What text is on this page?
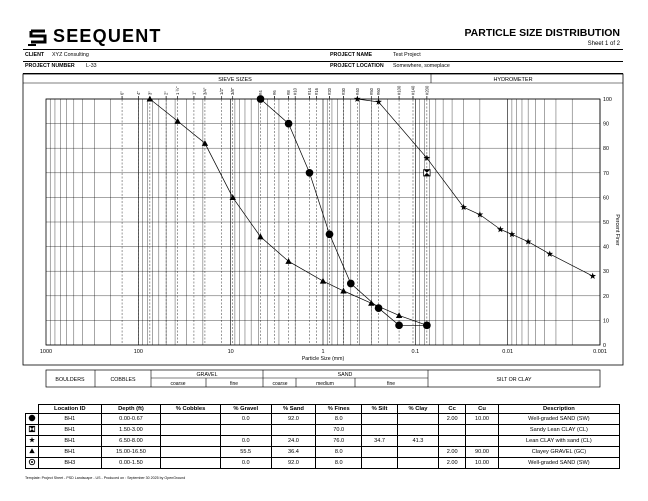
SEEQUENT	PARTICLE SIZE DISTRIBUTION
Sheet 1 of 2
CLIENT XYZ Consulting	PROJECT NAME	Test Project
PROJECT NUMBER L-33	PROJECT LOCATION Somewhere, someplace
SIEVE SIZES	HYDROMETER
Particle Size (mm)
Percent Finer
6"	4" 3"	2" 1 ½"	1" 3/4"	1/2" 3/8"	#4 #6 #8 #10 #14 #16 #20 #30 #40 #50 #60	#100 #140 #200
1000	100	10	1	0.1	0.01	0.001
0
10
20
30
40
50
60
70
80
90
100
BOULDERS	COBBLES
GRAVEL
coarse	fine
SAND
coarse	medium	fine
SILT OR CLAY
	Location ID	Depth (ft)	% Cobbles	% Gravel	% Sand	% Fines	% Silt	% Clay	Cc	Cu	Description
	BH1	0.00-0.67		0.0	92.0	8.0			2.00	10.00	Well-graded SAND (SW)
	BH1	1.50-3.00				70.0					Sandy Lean CLAY (CL)
	BH1	6.50-8.00		0.0	24.0	76.0	34.7	41.3			Lean CLAY with sand (CL)
	BH1	15.00-16.50		55.5	36.4	8.0			2.00	90.00	Clayey GRAVEL (GC)
	BH3	0.00-1.50		0.0	92.0	8.0			2.00	10.00	Well-graded SAND (SW)
Template: Project Sheet - PSD Landscape - US - Produced on : September 30 2025 by OpenGround
